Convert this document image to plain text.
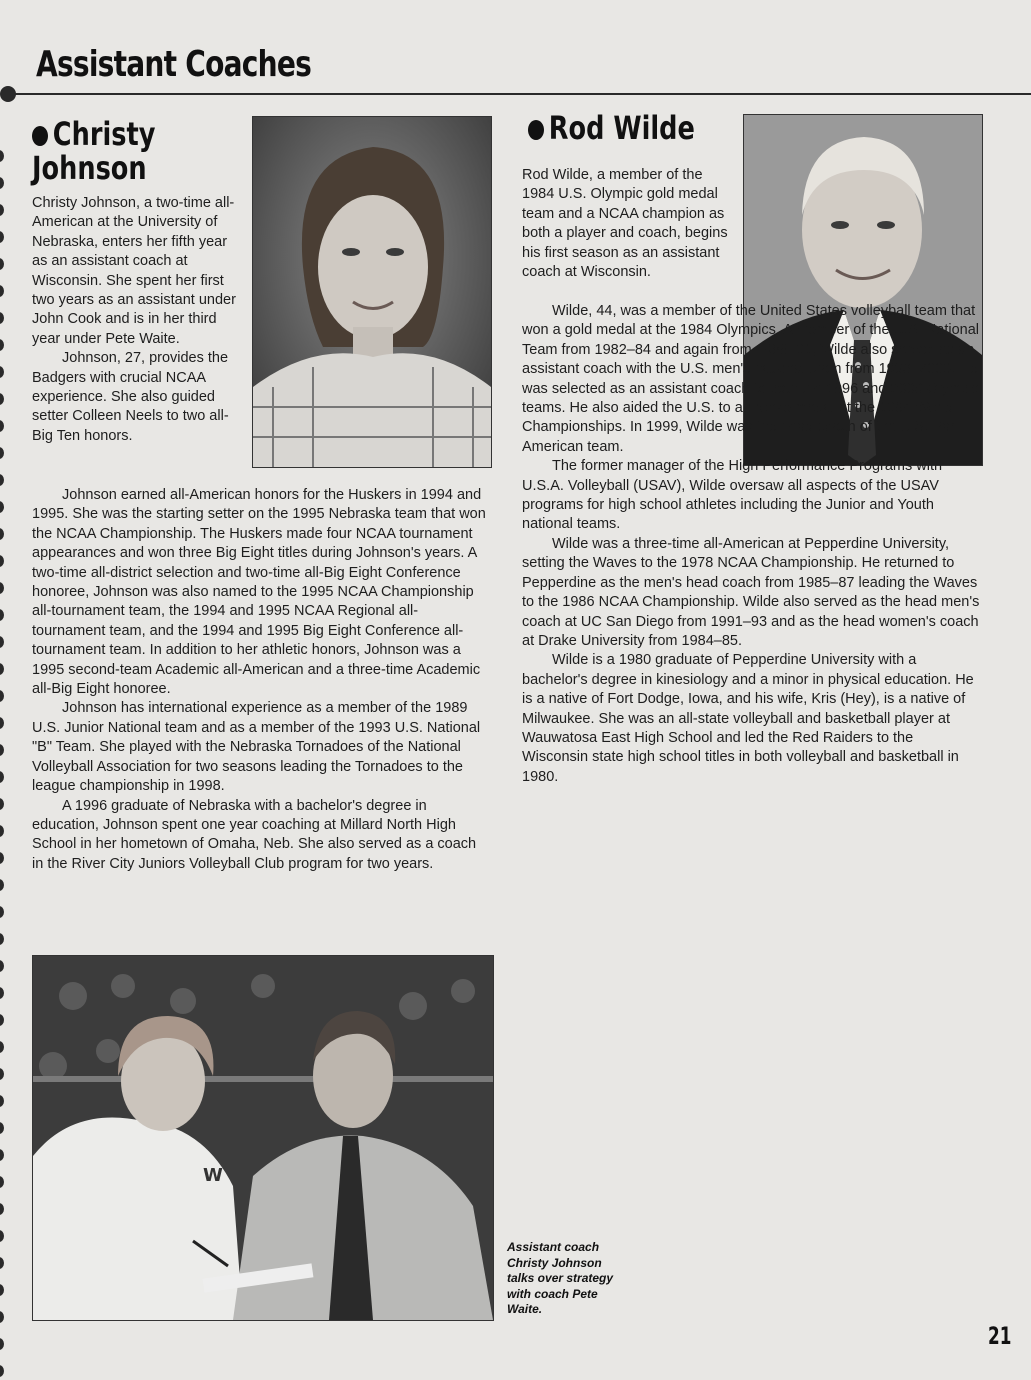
Assistant Coaches
Christy
Johnson

Christy Johnson, a two-time all-American at the University of Nebraska, enters her fifth year as an assistant coach at Wisconsin. She spent her first two years as an assistant under John Cook and is in her third year under Pete Waite.

Johnson, 27, provides the Badgers with crucial NCAA experience. She also guided setter Colleen Neels to two all-Big Ten honors.

Johnson earned all-American honors for the Huskers in 1994 and 1995. She was the starting setter on the 1995 Nebraska team that won the NCAA Championship. The Huskers made four NCAA tournament appearances and won three Big Eight titles during Johnson's years. A two-time all-district selection and two-time all-Big Eight Conference honoree, Johnson was also named to the 1995 NCAA Championship all-tournament team, the 1994 and 1995 NCAA Regional all-tournament team, and the 1994 and 1995 Big Eight Conference all-tournament team. In addition to her athletic honors, Johnson was a 1995 second-team Academic all-American and a three-time Academic all-Big Eight honoree.

Johnson has international experience as a member of the 1989 U.S. Junior National team and as a member of the 1993 U.S. National "B" Team. She played with the Nebraska Tornadoes of the National Volleyball Association for two seasons leading the Tornadoes to the league championship in 1998.

A 1996 graduate of Nebraska with a bachelor's degree in education, Johnson spent one year coaching at Millard North High School in her hometown of Omaha, Neb. She also served as a coach in the River City Juniors Volleyball Club program for two years.

Rod Wilde

Rod Wilde, a member of the 1984 U.S. Olympic gold medal team and a NCAA champion as both a player and coach, begins his first season as an assistant coach at Wisconsin.

Wilde, 44, was a member of the United States volleyball team that won a gold medal at the 1984 Olympics. A member of the U.S. National Team from 1982–84 and again from 1989–91, Wilde also served as an assistant coach with the U.S. men's national team from 1993–2000. He was selected as an assistant coach to both the 1996 and 2000 Olympic teams. He also aided the U.S. to a bronze medal at the 1994 World Championships. In 1999, Wilde was the head coach of the U.S. Pan-American team.

The former manager of the High Performance Programs with U.S.A. Volleyball (USAV), Wilde oversaw all aspects of the USAV programs for high school athletes including the Junior and Youth national teams.

Wilde was a three-time all-American at Pepperdine University, setting the Waves to the 1978 NCAA Championship. He returned to Pepperdine as the men's head coach from 1985–87 leading the Waves to the 1986 NCAA Championship. Wilde also served as the head men's coach at UC San Diego from 1991–93 and as the head women's coach at Drake University from 1984–85.

Wilde is a 1980 graduate of Pepperdine University with a bachelor's degree in kinesiology and a minor in physical education. He is a native of Fort Dodge, Iowa, and his wife, Kris (Hey), is a native of Milwaukee. She was an all-state volleyball and basketball player at Wauwatosa East High School and led the Red Raiders to the Wisconsin state high school titles in both volleyball and basketball in 1980.

W
Assistant coach Christy Johnson talks over strategy with coach Pete Waite.
21
